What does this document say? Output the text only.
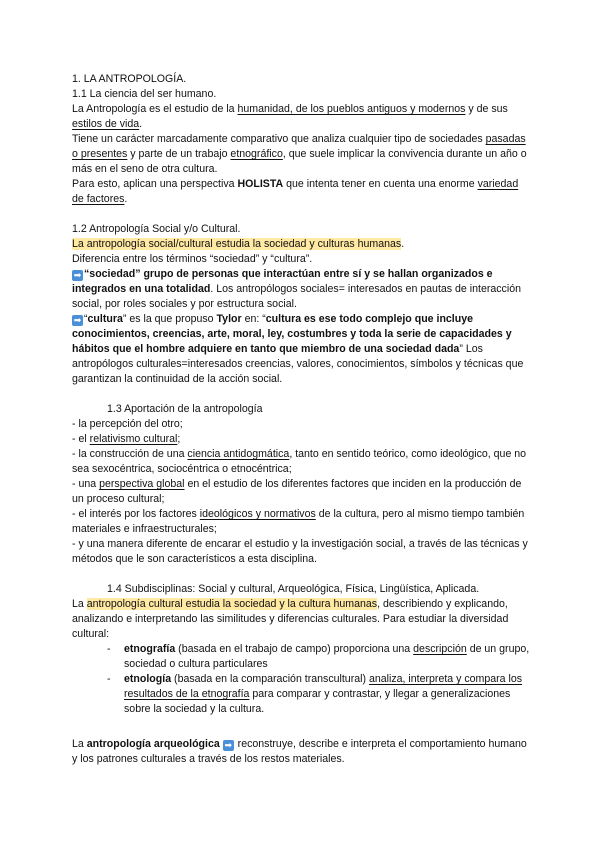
1. LA ANTROPOLOGÍA.

1.1 La ciencia del ser humano.

La Antropología es el estudio de la humanidad, de los pueblos antiguos y modernos y de sus estilos de vida.

Tiene un carácter marcadamente comparativo que analiza cualquier tipo de sociedades pasadas o presentes y parte de un trabajo etnográfico, que suele implicar la convivencia durante un año o más en el seno de otra cultura.

Para esto, aplican una perspectiva HOLISTA que intenta tener en cuenta una enorme variedad de factores.

1.2 Antropología Social y/o Cultural.

La antropología social/cultural estudia la sociedad y culturas humanas.

Diferencia entre los términos “sociedad” y “cultura”.

➡ “sociedad” grupo de personas que interactúan entre sí y se hallan organizados e integrados en una totalidad. Los antropólogos sociales= interesados en pautas de interacción social, por roles sociales y por estructura social.

➡ “cultura” es la que propuso Tylor en: “cultura es ese todo complejo que incluye conocimientos, creencias, arte, moral, ley, costumbres y toda la serie de capacidades y hábitos que el hombre adquiere en tanto que miembro de una sociedad dada” Los antropólogos culturales=interesados creencias, valores, conocimientos, símbolos y técnicas que garantizan la continuidad de la acción social.

1.3 Aportación de la antropología

- la percepción del otro;

- el relativismo cultural;

- la construcción de una ciencia antidogmática, tanto en sentido teórico, como ideológico, que no sea sexocéntrica, sociocéntrica o etnocéntrica;

- una perspectiva global en el estudio de los diferentes factores que inciden en la producción de un proceso cultural;

- el interés por los factores ideológicos y normativos de la cultura, pero al mismo tiempo también materiales e infraestructurales;

- y una manera diferente de encarar el estudio y la investigación social, a través de las técnicas y métodos que le son característicos a esta disciplina.

1.4 Subdisciplinas: Social y cultural, Arqueológica, Física, Lingüística, Aplicada.

La antropología cultural estudia la sociedad y la cultura humanas, describiendo y explicando, analizando e interpretando las similitudes y diferencias culturales. Para estudiar la diversidad cultural:

- etnografía (basada en el trabajo de campo) proporciona una descripción de un grupo, sociedad o cultura particulares
- etnología (basada en la comparación transcultural) analiza, interpreta y compara los resultados de la etnografía para comparar y contrastar, y llegar a generalizaciones sobre la sociedad y la cultura.

La antropología arqueológica ➡ reconstruye, describe e interpreta el comportamiento humano y los patrones culturales a través de los restos materiales.
